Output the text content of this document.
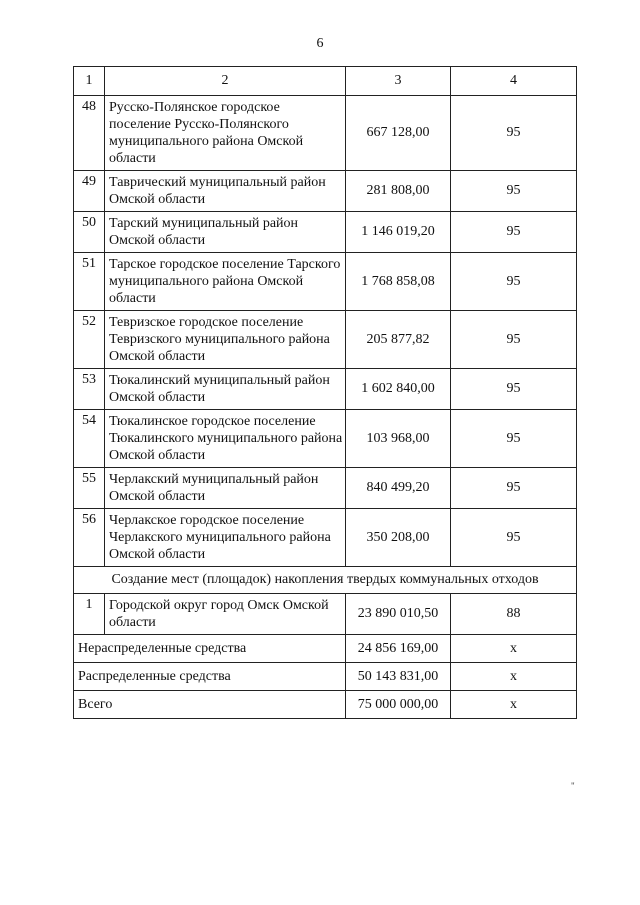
6
1	2	3	4
48	Русско-Полянское городское поселение Русско-Полянского муниципального района Омской области	667 128,00	95
49	Таврический муниципальный район Омской области	281 808,00	95
50	Тарский муниципальный район Омской области	1 146 019,20	95
51	Тарское городское поселение Тарского муниципального района Омской области	1 768 858,08	95
52	Тевризское городское поселение Тевризского муниципального района Омской области	205 877,82	95
53	Тюкалинский муниципальный район Омской области	1 602 840,00	95
54	Тюкалинское городское поселение Тюкалинского муниципального района Омской области	103 968,00	95
55	Черлакский муниципальный район Омской области	840 499,20	95
56	Черлакское городское поселение Черлакского муниципального района Омской области	350 208,00	95
Создание мест (площадок) накопления твердых коммунальных отходов			
1	Городской округ город Омск Омской области	23 890 010,50	88
Нераспределенные средства		24 856 169,00	х
Распределенные средства		50 143 831,00	х
Всего		75 000 000,00	х
"
